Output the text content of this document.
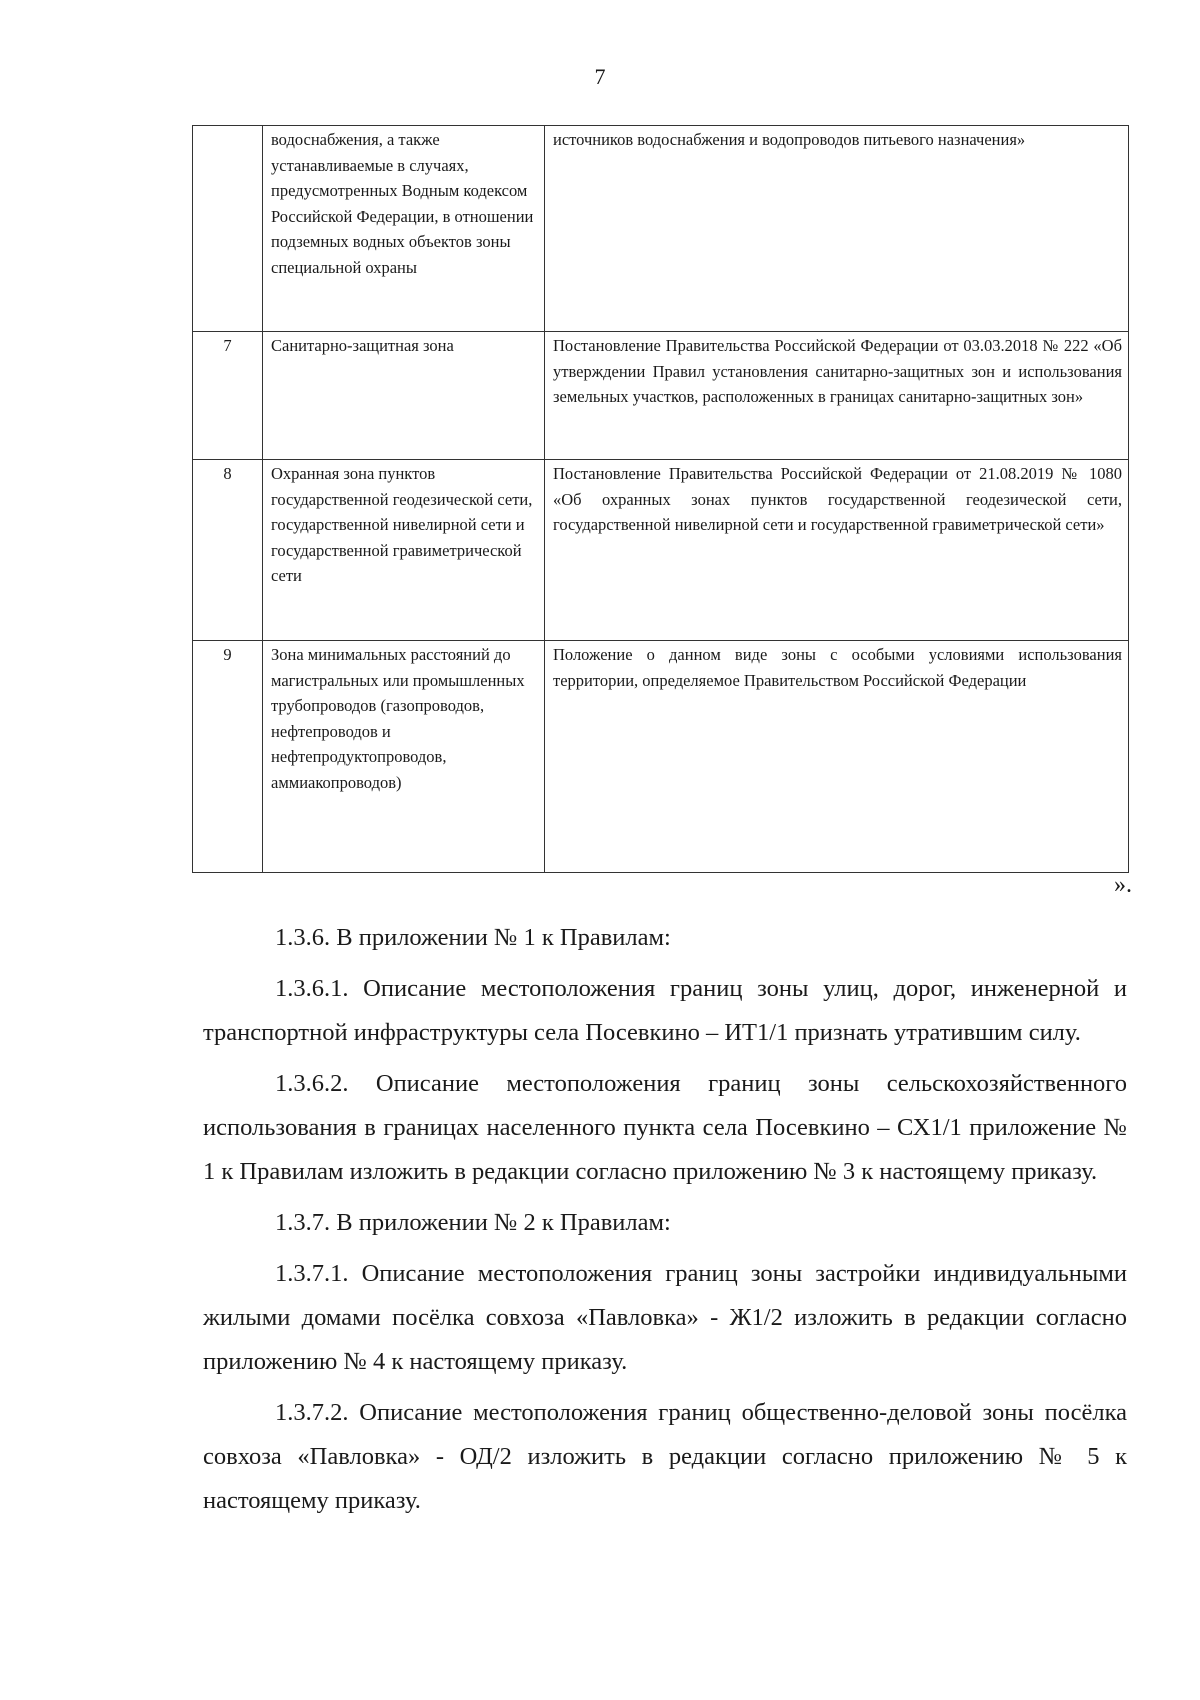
7
	водоснабжения, а также устанавливаемые в случаях, предусмотренных Водным кодексом Российской Федерации, в отношении подземных водных объектов зоны специальной охраны	источников водоснабжения и водопроводов питьевого назначения»
7	Санитарно-защитная зона	Постановление Правительства Российской Федерации от 03.03.2018 № 222 «Об утверждении Правил установления санитарно-защитных зон и использования земельных участков, расположенных в границах санитарно-защитных зон»
8	Охранная зона пунктов государственной геодезической сети, государственной нивелирной сети и государственной гравиметрической сети	Постановление Правительства Российской Федерации от 21.08.2019 № 1080 «Об охранных зонах пунктов государственной геодезической сети, государственной нивелирной сети и государственной гравиметрической сети»
9	Зона минимальных расстояний до магистральных или промышленных трубопроводов (газопроводов, нефтепроводов и нефтепродуктопроводов, аммиакопроводов)	Положение о данном виде зоны с особыми условиями использования территории, определяемое Правительством Российской Федерации
».

1.3.6. В приложении № 1 к Правилам:

1.3.6.1. Описание местоположения границ зоны улиц, дорог, инженерной и транспортной инфраструктуры села Посевкино – ИТ1/1 признать утратившим силу.

1.3.6.2. Описание местоположения границ зоны сельскохозяйственного использования в границах населенного пункта села Посевкино – СХ1/1 приложение № 1 к Правилам изложить в редакции согласно приложению № 3 к настоящему приказу.

1.3.7. В приложении № 2 к Правилам:

1.3.7.1. Описание местоположения границ зоны застройки индивидуальными жилыми домами посёлка совхоза «Павловка» - Ж1/2 изложить в редакции согласно приложению № 4 к настоящему приказу.

1.3.7.2. Описание местоположения границ общественно-деловой зоны посёлка совхоза «Павловка» - ОД/2 изложить в редакции согласно приложению № 5 к настоящему приказу.
